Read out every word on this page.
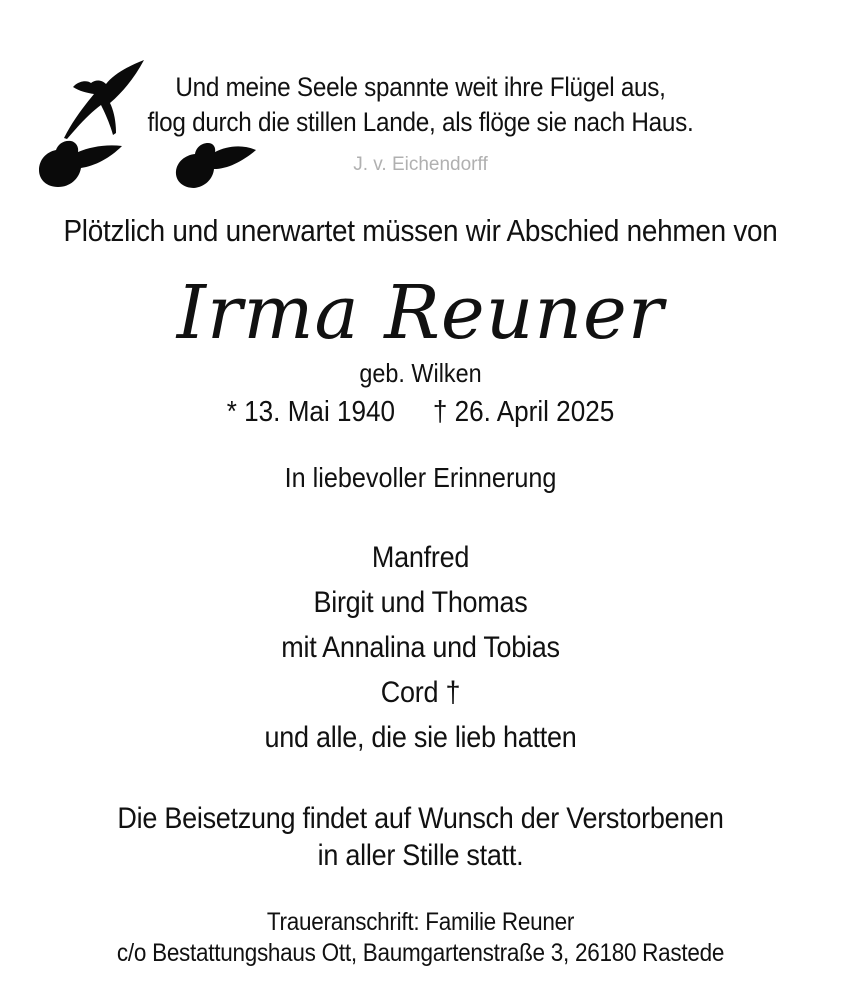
Und meine Seele spannte weit ihre Flügel aus,
flog durch die stillen Lande, als flöge sie nach Haus.
J. v. Eichendorff
Plötzlich und unerwartet müssen wir Abschied nehmen von
Irma Reuner
geb. Wilken
* 13. Mai 1940 † 26. April 2025
In liebevoller Erinnerung
Manfred
Birgit und Thomas
mit Annalina und Tobias
Cord †
und alle, die sie lieb hatten
Die Beisetzung findet auf Wunsch der Verstorbenen
in aller Stille statt.
Traueranschrift: Familie Reuner
c/o Bestattungshaus Ott, Baumgartenstraße 3, 26180 Rastede
